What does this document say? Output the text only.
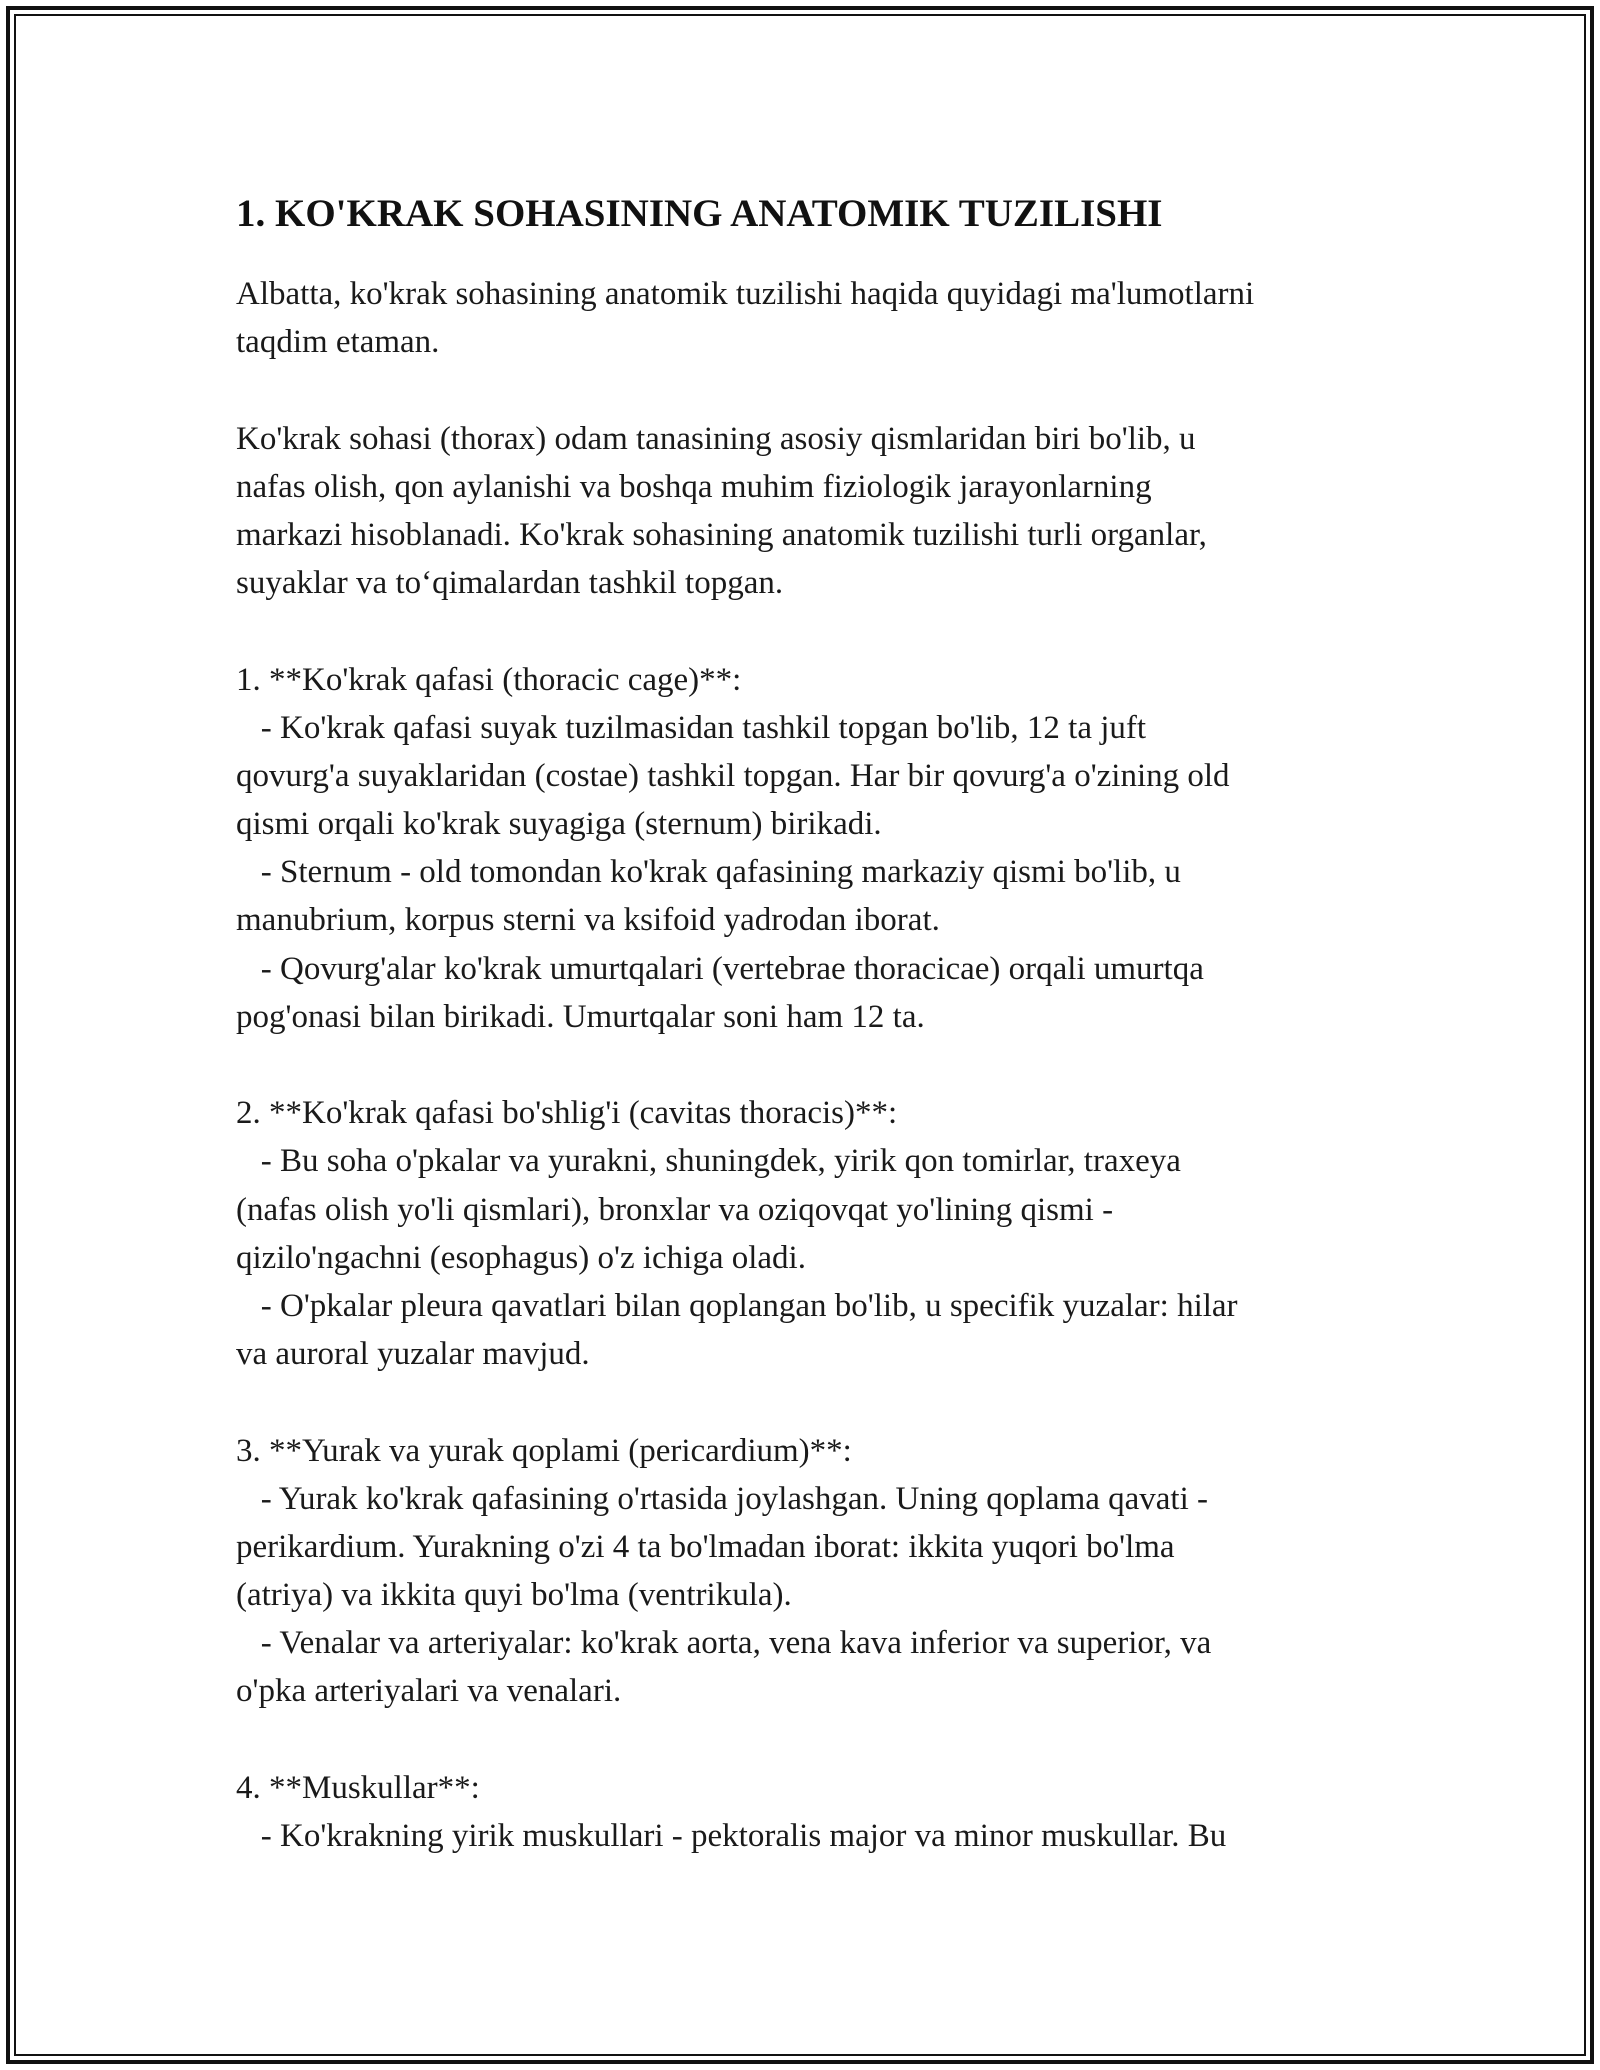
1. KO'KRAK SOHASINING ANATOMIK TUZILISHI
Albatta, ko'krak sohasining anatomik tuzilishi haqida quyidagi ma'lumotlarni
taqdim etaman.
Ko'krak sohasi (thorax) odam tanasining asosiy qismlaridan biri bo'lib, u
nafas olish, qon aylanishi va boshqa muhim fiziologik jarayonlarning
markazi hisoblanadi. Ko'krak sohasining anatomik tuzilishi turli organlar,
suyaklar va to‘qimalardan tashkil topgan.
1. **Ko'krak qafasi (thoracic cage)**:
- Ko'krak qafasi suyak tuzilmasidan tashkil topgan bo'lib, 12 ta juft
qovurg'a suyaklaridan (costae) tashkil topgan. Har bir qovurg'a o'zining old
qismi orqali ko'krak suyagiga (sternum) birikadi.
- Sternum - old tomondan ko'krak qafasining markaziy qismi bo'lib, u
manubrium, korpus sterni va ksifoid yadrodan iborat.
- Qovurg'alar ko'krak umurtqalari (vertebrae thoracicae) orqali umurtqa
pog'onasi bilan birikadi. Umurtqalar soni ham 12 ta.
2. **Ko'krak qafasi bo'shlig'i (cavitas thoracis)**:
- Bu soha o'pkalar va yurakni, shuningdek, yirik qon tomirlar, traxeya
(nafas olish yo'li qismlari), bronxlar va oziqovqat yo'lining qismi -
qizilo'ngachni (esophagus) o'z ichiga oladi.
- O'pkalar pleura qavatlari bilan qoplangan bo'lib, u specifik yuzalar: hilar
va auroral yuzalar mavjud.
3. **Yurak va yurak qoplami (pericardium)**:
- Yurak ko'krak qafasining o'rtasida joylashgan. Uning qoplama qavati -
perikardium. Yurakning o'zi 4 ta bo'lmadan iborat: ikkita yuqori bo'lma
(atriya) va ikkita quyi bo'lma (ventrikula).
- Venalar va arteriyalar: ko'krak aorta, vena kava inferior va superior, va
o'pka arteriyalari va venalari.
4. **Muskullar**:
- Ko'krakning yirik muskullari - pektoralis major va minor muskullar. Bu
